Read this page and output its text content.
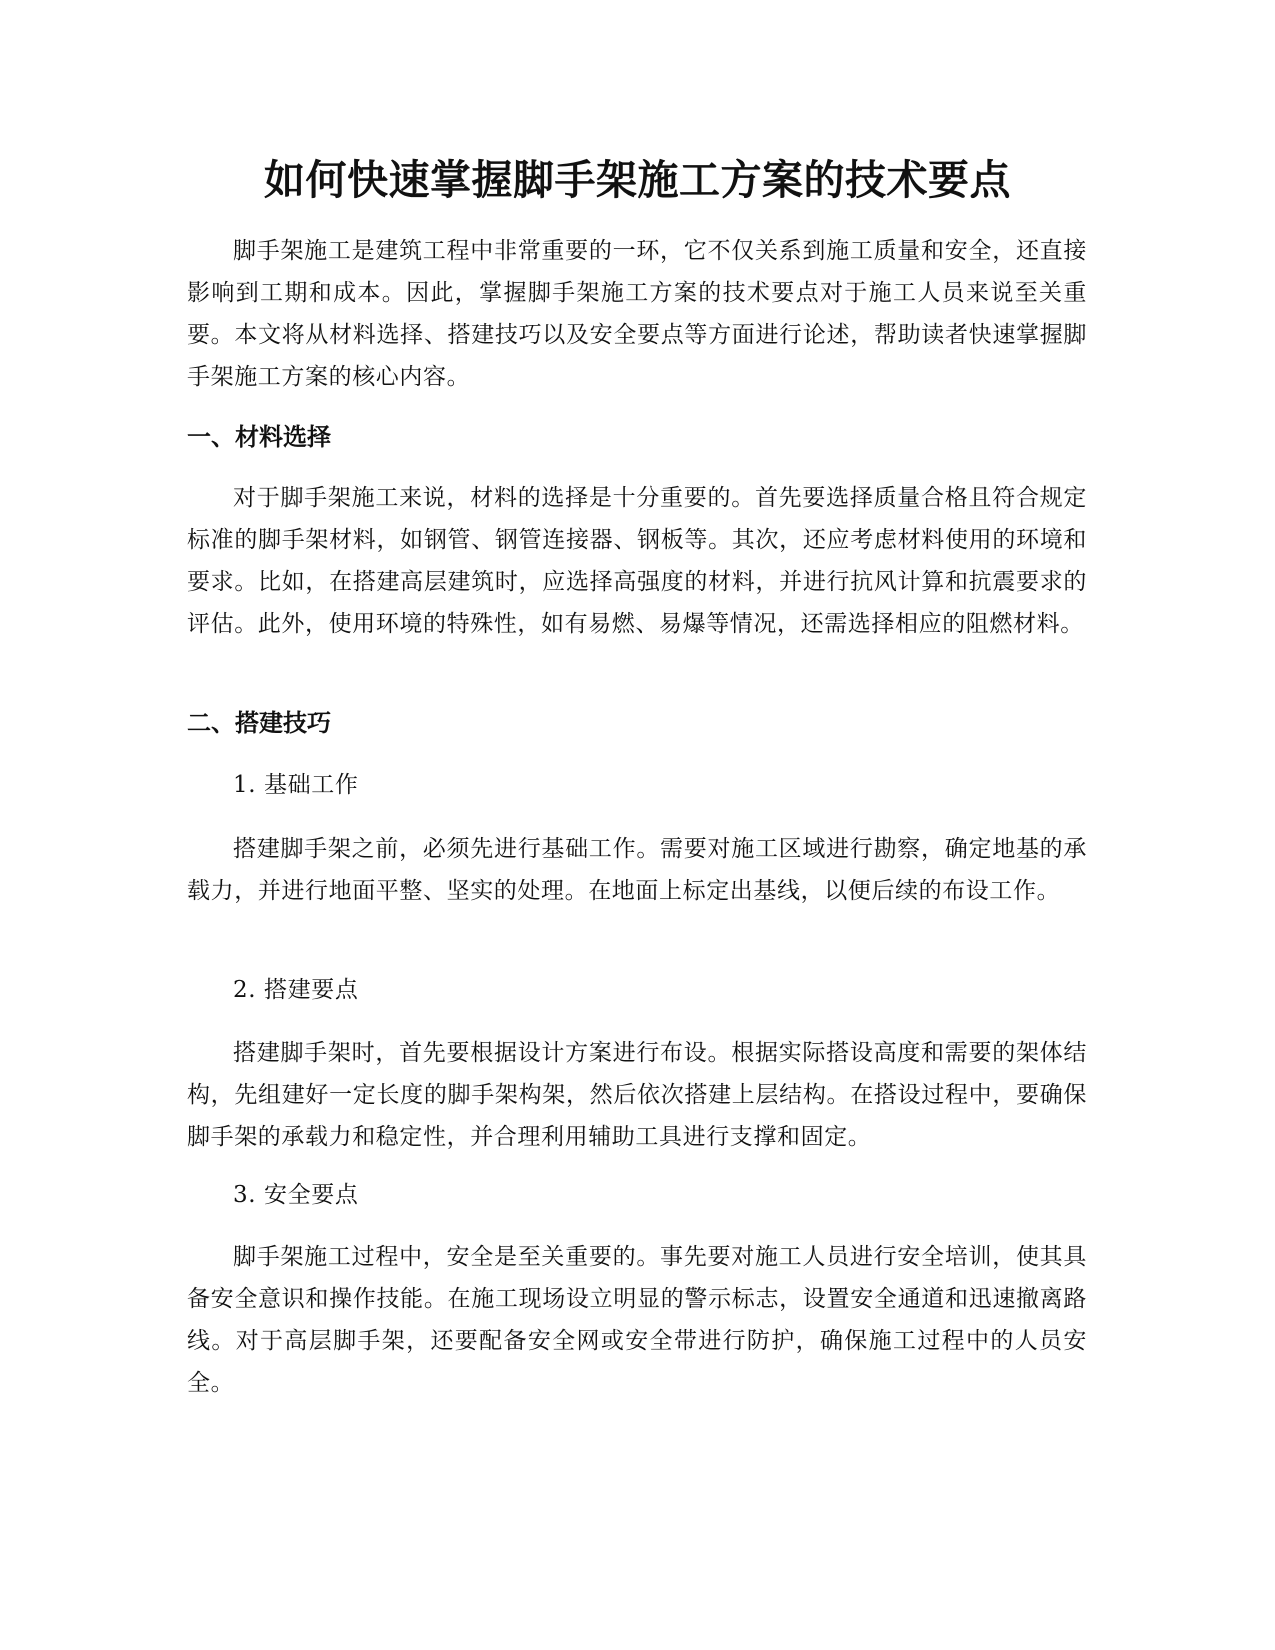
如何快速掌握脚手架施工方案的技术要点

脚手架施工是建筑工程中非常重要的一环，它不仅关系到施工质量和安全，还直接影响到工期和成本。因此，掌握脚手架施工方案的技术要点对于施工人员来说至关重要。本文将从材料选择、搭建技巧以及安全要点等方面进行论述，帮助读者快速掌握脚手架施工方案的核心内容。

一、材料选择

对于脚手架施工来说，材料的选择是十分重要的。首先要选择质量合格且符合规定标准的脚手架材料，如钢管、钢管连接器、钢板等。其次，还应考虑材料使用的环境和要求。比如，在搭建高层建筑时，应选择高强度的材料，并进行抗风计算和抗震要求的评估。此外，使用环境的特殊性，如有易燃、易爆等情况，还需选择相应的阻燃材料。

二、搭建技巧

1. 基础工作

搭建脚手架之前，必须先进行基础工作。需要对施工区域进行勘察，确定地基的承载力，并进行地面平整、坚实的处理。在地面上标定出基线，以便后续的布设工作。

2. 搭建要点

搭建脚手架时，首先要根据设计方案进行布设。根据实际搭设高度和需要的架体结构，先组建好一定长度的脚手架构架，然后依次搭建上层结构。在搭设过程中，要确保脚手架的承载力和稳定性，并合理利用辅助工具进行支撑和固定。

3. 安全要点

脚手架施工过程中，安全是至关重要的。事先要对施工人员进行安全培训，使其具备安全意识和操作技能。在施工现场设立明显的警示标志，设置安全通道和迅速撤离路线。对于高层脚手架，还要配备安全网或安全带进行防护，确保施工过程中的人员安全。
